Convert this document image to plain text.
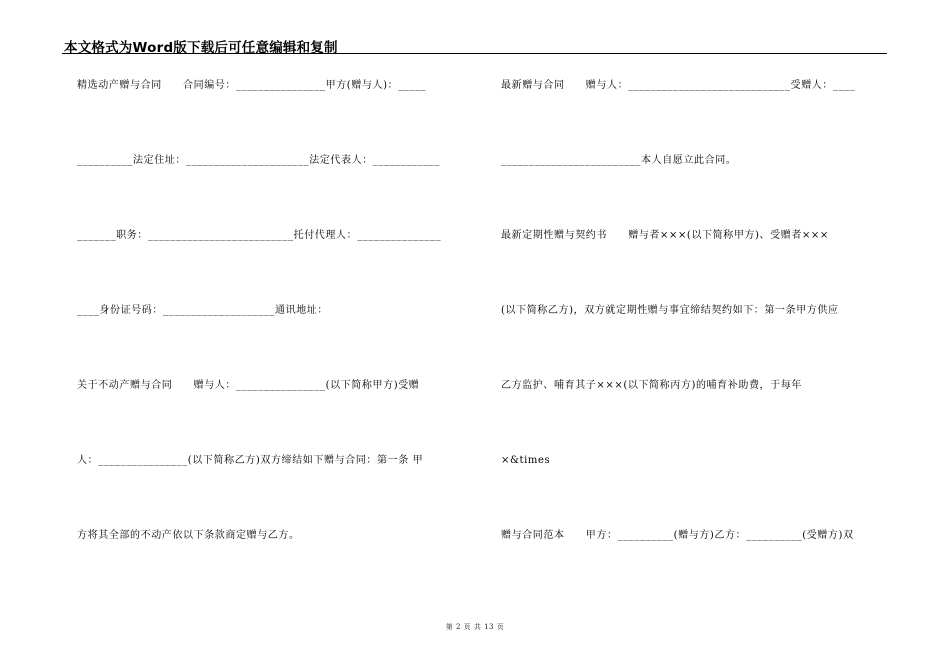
本文格式为Word版下载后可任意编辑和复制
精选动产赠与合同　　合同编号：________________甲方(赠与人)：_____
__________法定住址：______________________法定代表人：____________
_______职务：__________________________托付代理人：_______________
____身份证号码：____________________通讯地址：
关于不动产赠与合同　　赠与人：________________(以下简称甲方)受赠
人：________________(以下简称乙方)双方缔结如下赠与合同：第一条 甲
方将其全部的不动产依以下条款商定赠与乙方。
最新赠与合同　　赠与人：_____________________________受赠人：____
_________________________本人自愿立此合同。
最新定期性赠与契约书　　赠与者×××(以下简称甲方)、受赠者×××
(以下简称乙方)，双方就定期性赠与事宜缔结契约如下：第一条甲方供应
乙方监护、哺育其子×××(以下简称丙方)的哺育补助费，于每年
×&times
赠与合同范本　　甲方：__________(赠与方)乙方：__________(受赠方)双
第 2 页 共 13 页
